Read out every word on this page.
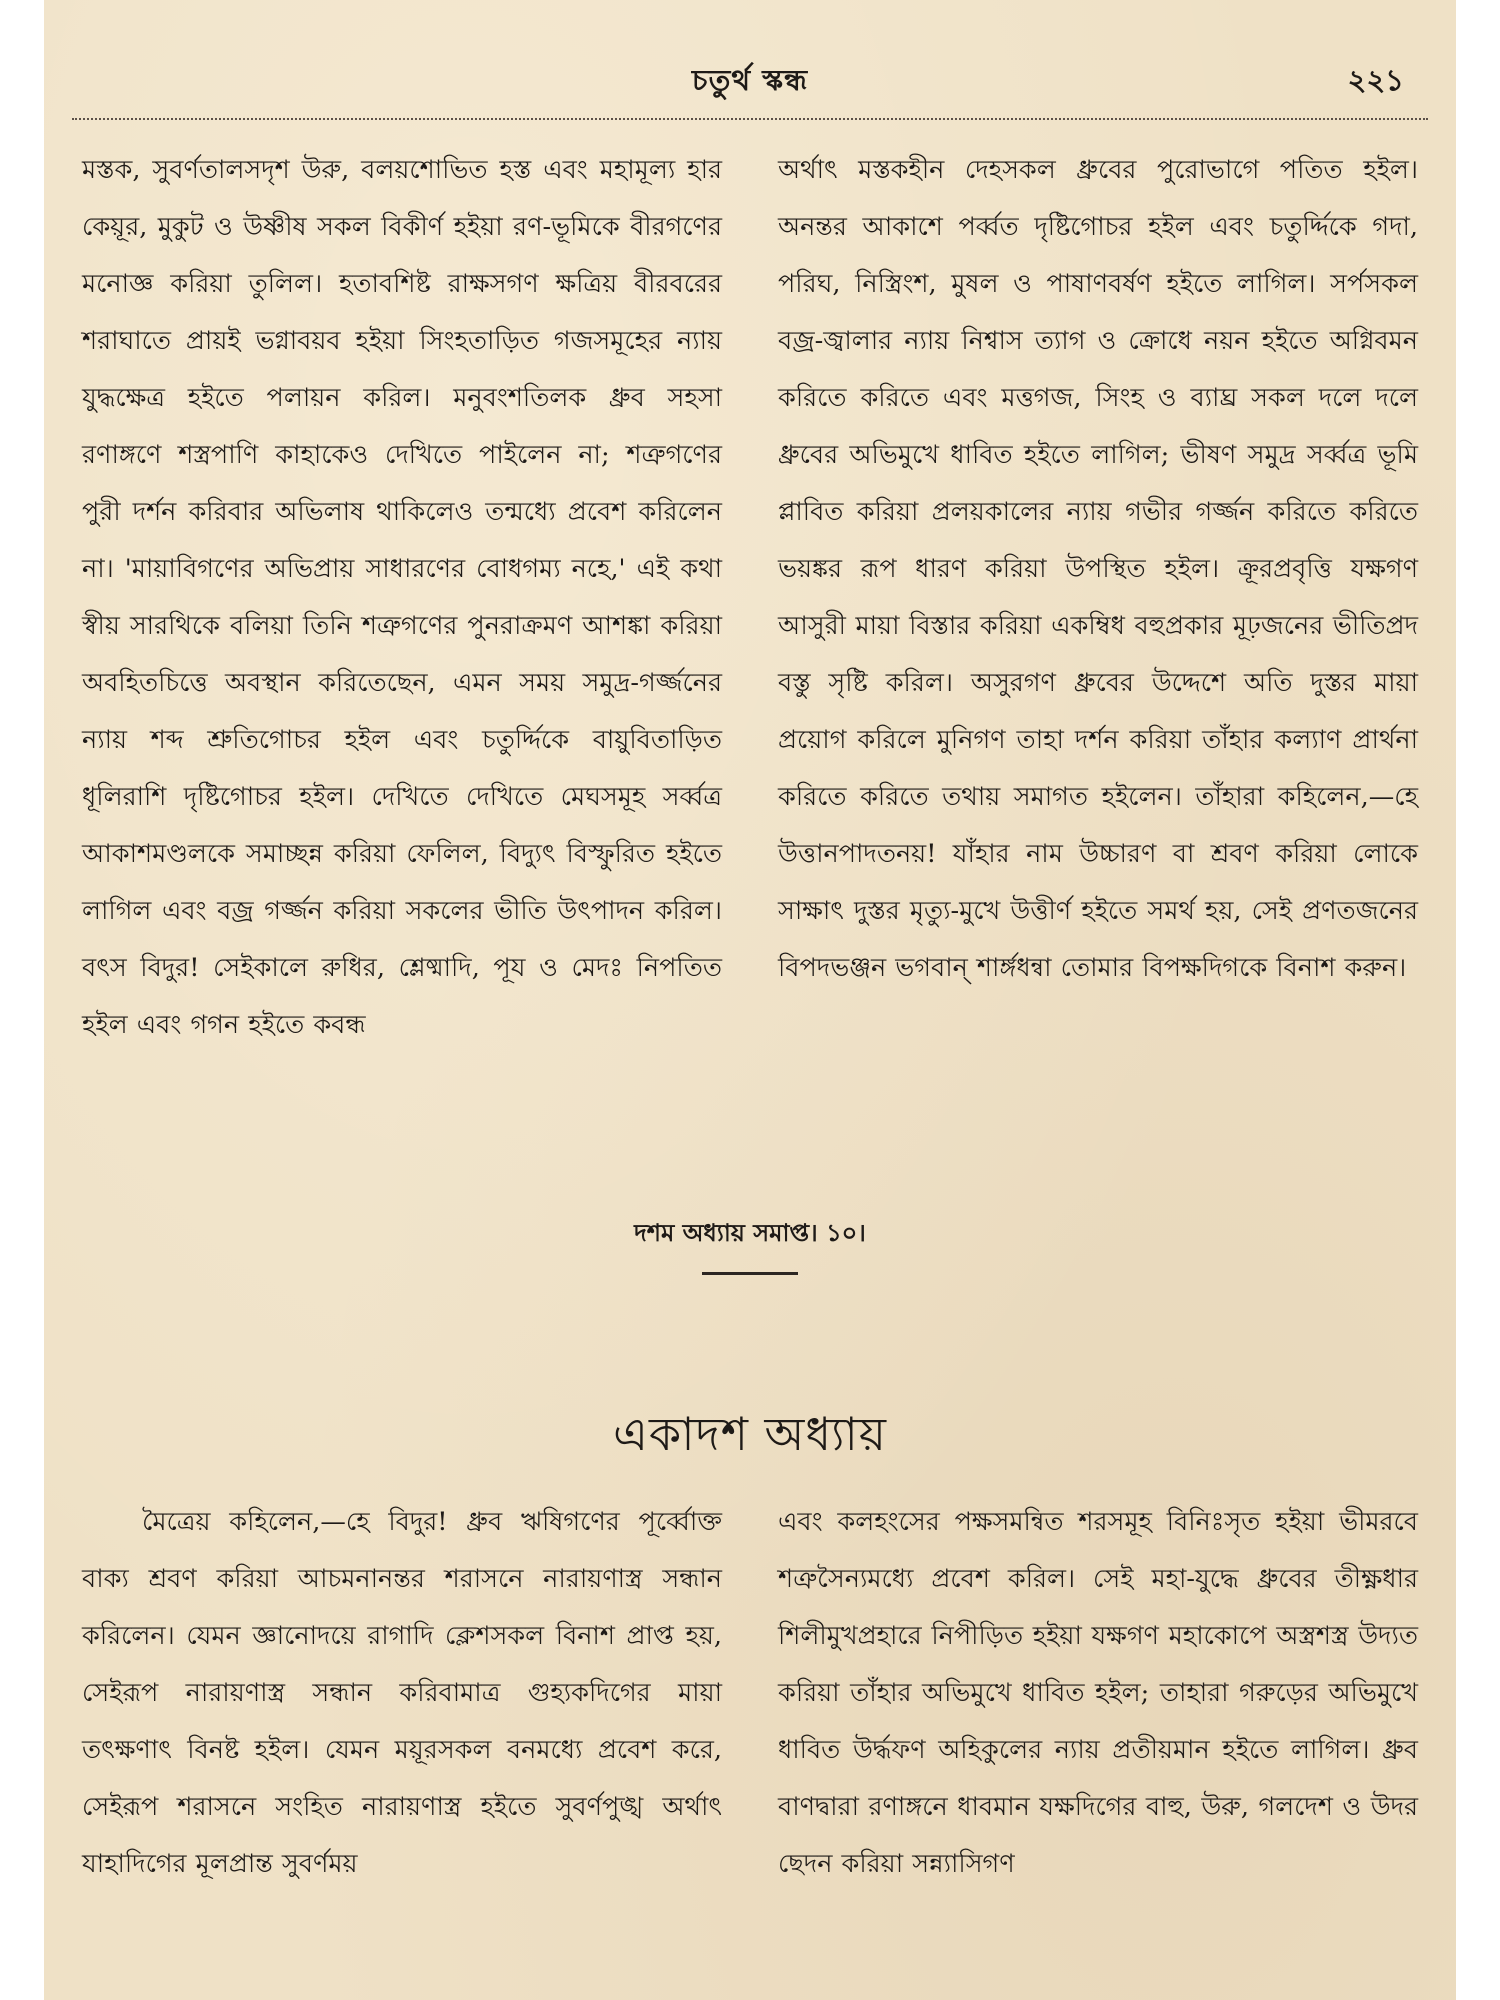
চতুর্থ স্কন্ধ	২২১

মস্তক, সুবর্ণতালসদৃশ উরু, বলয়শোভিত হস্ত এবং মহামূল্য হার কেয়ূর, মুকুট ও উষ্ণীষ সকল বিকীর্ণ হইয়া রণ-ভূমিকে বীরগণের মনোজ্ঞ করিয়া তুলিল। হতাবশিষ্ট রাক্ষসগণ ক্ষত্রিয় বীরবরের শরাঘাতে প্রায়ই ভগ্নাবয়ব হইয়া সিংহতাড়িত গজসমূহের ন্যায় যুদ্ধক্ষেত্র হইতে পলায়ন করিল। মনুবংশতিলক ধ্রুব সহসা রণাঙ্গণে শস্ত্রপাণি কাহাকেও দেখিতে পাইলেন না; শত্রুগণের পুরী দর্শন করিবার অভিলাষ থাকিলেও তন্মধ্যে প্রবেশ করিলেন না। 'মায়াবিগণের অভিপ্রায় সাধারণের বোধগম্য নহে,' এই কথা স্বীয় সারথিকে বলিয়া তিনি শত্রুগণের পুনরাক্রমণ আশঙ্কা করিয়া অবহিতচিত্তে অবস্থান করিতেছেন, এমন সময় সমুদ্র-গর্জ্জনের ন্যায় শব্দ শ্রুতিগোচর হইল এবং চতুর্দ্দিকে বায়ুবিতাড়িত ধূলিরাশি দৃষ্টিগোচর হইল। দেখিতে দেখিতে মেঘসমূহ সর্ব্বত্র আকাশমণ্ডলকে সমাচ্ছন্ন করিয়া ফেলিল, বিদ্যুৎ বিস্ফুরিত হইতে লাগিল এবং বজ্র গর্জ্জন করিয়া সকলের ভীতি উৎপাদন করিল। বৎস বিদুর! সেইকালে রুধির, শ্লেষ্মাদি, পূয ও মেদঃ নিপতিত হইল এবং গগন হইতে কবন্ধ

অর্থাৎ মস্তকহীন দেহসকল ধ্রুবের পুরোভাগে পতিত হইল। অনন্তর আকাশে পর্ব্বত দৃষ্টিগোচর হইল এবং চতুর্দ্দিকে গদা, পরিঘ, নিস্ত্রিংশ, মুষল ও পাষাণবর্ষণ হইতে লাগিল। সর্পসকল বজ্র-জ্বালার ন্যায় নিশ্বাস ত্যাগ ও ক্রোধে নয়ন হইতে অগ্নিবমন করিতে করিতে এবং মত্তগজ, সিংহ ও ব্যাঘ্র সকল দলে দলে ধ্রুবের অভিমুখে ধাবিত হইতে লাগিল; ভীষণ সমুদ্র সর্ব্বত্র ভূমি প্লাবিত করিয়া প্রলয়কালের ন্যায় গভীর গর্জ্জন করিতে করিতে ভয়ঙ্কর রূপ ধারণ করিয়া উপস্থিত হইল। ক্রূরপ্রবৃত্তি যক্ষগণ আসুরী মায়া বিস্তার করিয়া একম্বিধ বহুপ্রকার মূঢ়জনের ভীতিপ্রদ বস্তু সৃষ্টি করিল। অসুরগণ ধ্রুবের উদ্দেশে অতি দুস্তর মায়া প্রয়োগ করিলে মুনিগণ তাহা দর্শন করিয়া তাঁহার কল্যাণ প্রার্থনা করিতে করিতে তথায় সমাগত হইলেন। তাঁহারা কহিলেন,—হে উত্তানপাদতনয়! যাঁহার নাম উচ্চারণ বা শ্রবণ করিয়া লোকে সাক্ষাৎ দুস্তর মৃত্যু-মুখে উত্তীর্ণ হইতে সমর্থ হয়, সেই প্রণতজনের বিপদভঞ্জন ভগবান্ শার্ঙ্গধন্বা তোমার বিপক্ষদিগকে বিনাশ করুন।

দশম অধ্যায় সমাপ্ত। ১০।
একাদশ অধ্যায়

মৈত্রেয় কহিলেন,—হে বিদুর! ধ্রুব ঋষিগণের পূর্ব্বোক্ত বাক্য শ্রবণ করিয়া আচমনানন্তর শরাসনে নারায়ণাস্ত্র সন্ধান করিলেন। যেমন জ্ঞানোদয়ে রাগাদি ক্লেশসকল বিনাশ প্রাপ্ত হয়, সেইরূপ নারায়ণাস্ত্র সন্ধান করিবামাত্র গুহ্যকদিগের মায়া তৎক্ষণাৎ বিনষ্ট হইল। যেমন ময়ূরসকল বনমধ্যে প্রবেশ করে, সেইরূপ শরাসনে সংহিত নারায়ণাস্ত্র হইতে সুবর্ণপুঙ্খ অর্থাৎ যাহাদিগের মূলপ্রান্ত সুবর্ণময়

এবং কলহংসের পক্ষসমন্বিত শরসমূহ বিনিঃসৃত হইয়া ভীমরবে শত্রুসৈন্যমধ্যে প্রবেশ করিল। সেই মহা-যুদ্ধে ধ্রুবের তীক্ষ্ণধার শিলীমুখপ্রহারে নিপীড়িত হইয়া যক্ষগণ মহাকোপে অস্ত্রশস্ত্র উদ্যত করিয়া তাঁহার অভিমুখে ধাবিত হইল; তাহারা গরুড়ের অভিমুখে ধাবিত উর্দ্ধফণ অহিকুলের ন্যায় প্রতীয়মান হইতে লাগিল। ধ্রুব বাণদ্বারা রণাঙ্গনে ধাবমান যক্ষদিগের বাহু, উরু, গলদেশ ও উদর ছেদন করিয়া সন্ন্যাসিগণ
